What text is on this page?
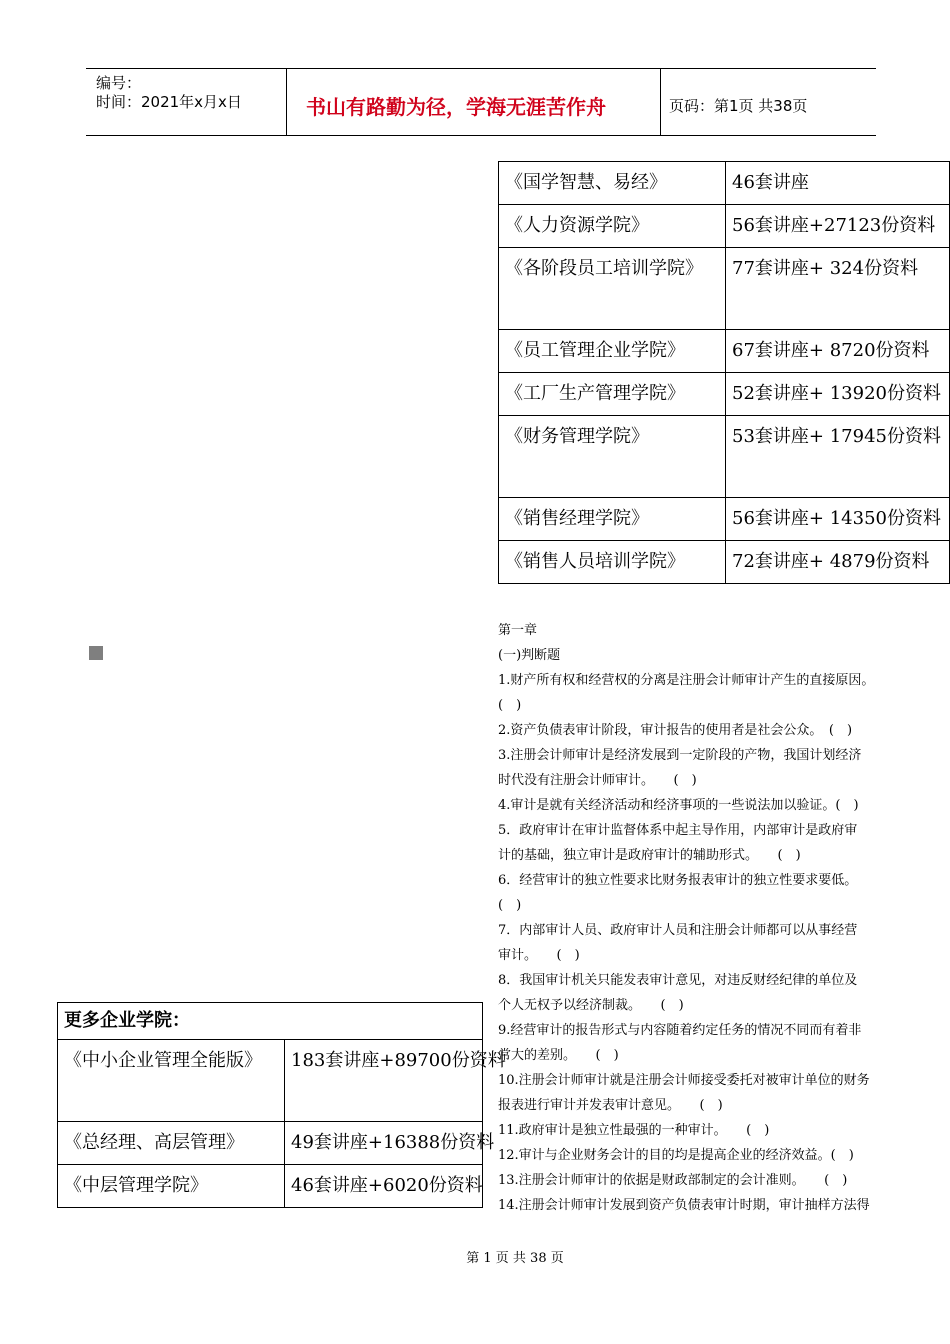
编号：
时间：2021年x月x日	书山有路勤为径，学海无涯苦作舟	页码：第1页 共38页
《国学智慧、易经》	46套讲座
《人力资源学院》	56套讲座+27123份资料
《各阶段员工培训学院》	77套讲座+ 324份资料
《员工管理企业学院》	67套讲座+ 8720份资料
《工厂生产管理学院》	52套讲座+ 13920份资料
《财务管理学院》	53套讲座+ 17945份资料
《销售经理学院》	56套讲座+ 14350份资料
《销售人员培训学院》	72套讲座+ 4879份资料
第一章
(一)判断题
1.财产所有权和经营权的分离是注册会计师审计产生的直接原因。
(　)
2.资产负债表审计阶段，审计报告的使用者是社会公众。　(　)
3.注册会计师审计是经济发展到一定阶段的产物，我国计划经济
时代没有注册会计师审计。　　(　)
4.审计是就有关经济活动和经济事项的一些说法加以验证。(　)
5．政府审计在审计监督体系中起主导作用，内部审计是政府审
计的基础，独立审计是政府审计的辅助形式。　　(　)
6．经营审计的独立性要求比财务报表审计的独立性要求要低。
(　)
7．内部审计人员、政府审计人员和注册会计师都可以从事经营
审计。　　(　)
8．我国审计机关只能发表审计意见，对违反财经纪律的单位及
个人无权予以经济制裁。　　(　)
9.经营审计的报告形式与内容随着约定任务的情况不同而有着非
常大的差别。　　(　)
10.注册会计师审计就是注册会计师接受委托对被审计单位的财务
报表进行审计并发表审计意见。　　(　)
11.政府审计是独立性最强的一种审计。　　(　)
12.审计与企业财务会计的目的均是提高企业的经济效益。(　)
13.注册会计师审计的依据是财政部制定的会计准则。　　(　)
14.注册会计师审计发展到资产负债表审计时期，审计抽样方法得
更多企业学院：	
《中小企业管理全能版》	183套讲座+89700份资料
《总经理、高层管理》	49套讲座+16388份资料
《中层管理学院》	46套讲座+6020份资料
第 1 页 共 38 页
